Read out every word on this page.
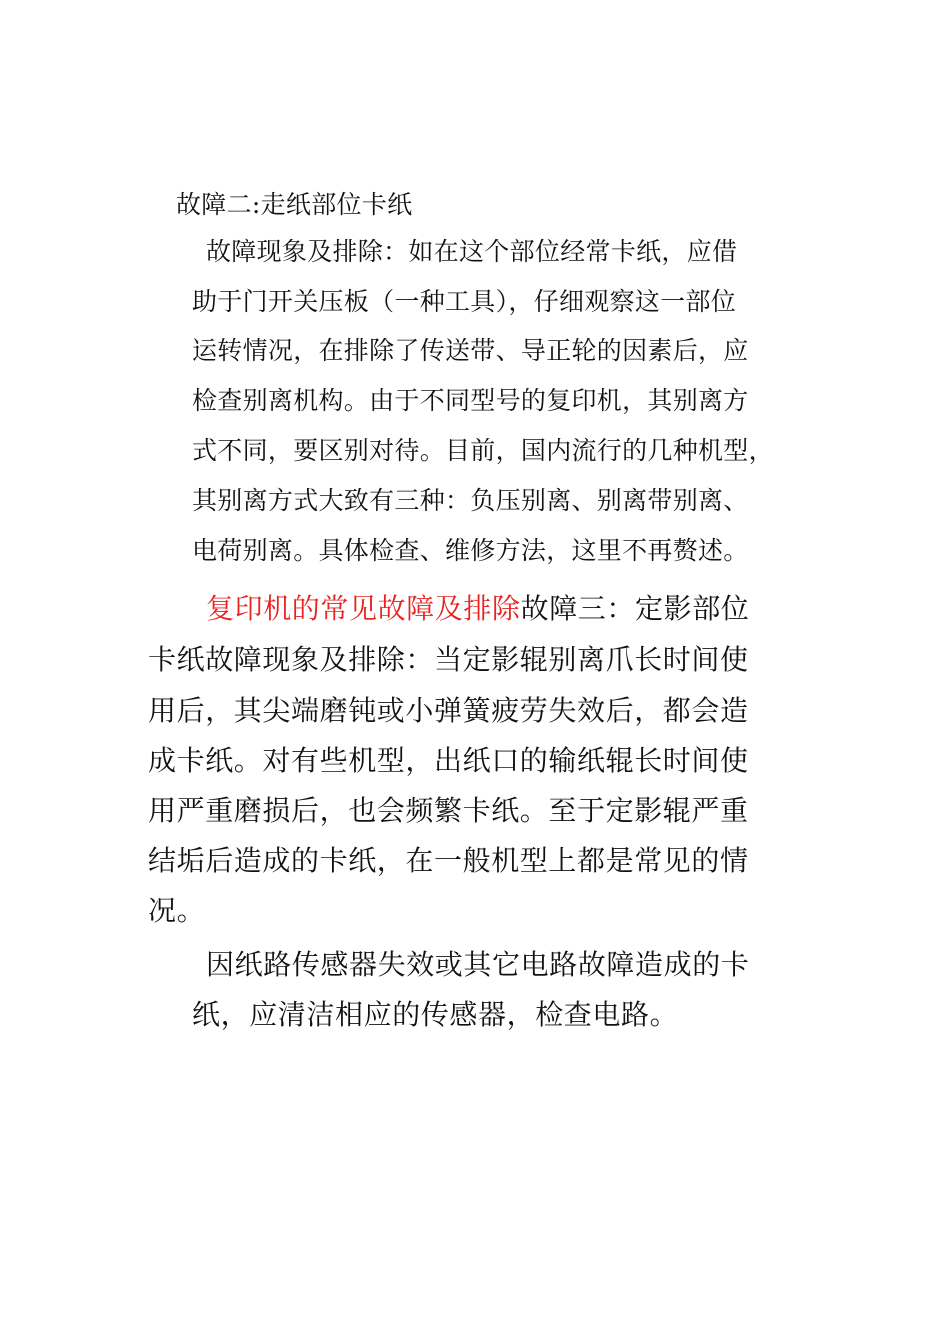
故障二:走纸部位卡纸
故障现象及排除：如在这个部位经常卡纸，应借
助于门开关压板（一种工具），仔细观察这一部位
运转情况，在排除了传送带、导正轮的因素后，应
检查别离机构。由于不同型号的复印机，其别离方
式不同，要区别对待。目前，国内流行的几种机型，
其别离方式大致有三种：负压别离、别离带别离、
电荷别离。具体检查、维修方法，这里不再赘述。
复印机的常见故障及排除故障三：定影部位
卡纸故障现象及排除：当定影辊别离爪长时间使
用后，其尖端磨钝或小弹簧疲劳失效后，都会造
成卡纸。对有些机型，出纸口的输纸辊长时间使
用严重磨损后，也会频繁卡纸。至于定影辊严重
结垢后造成的卡纸，在一般机型上都是常见的情
况。
因纸路传感器失效或其它电路故障造成的卡
纸，应清洁相应的传感器，检查电路。
